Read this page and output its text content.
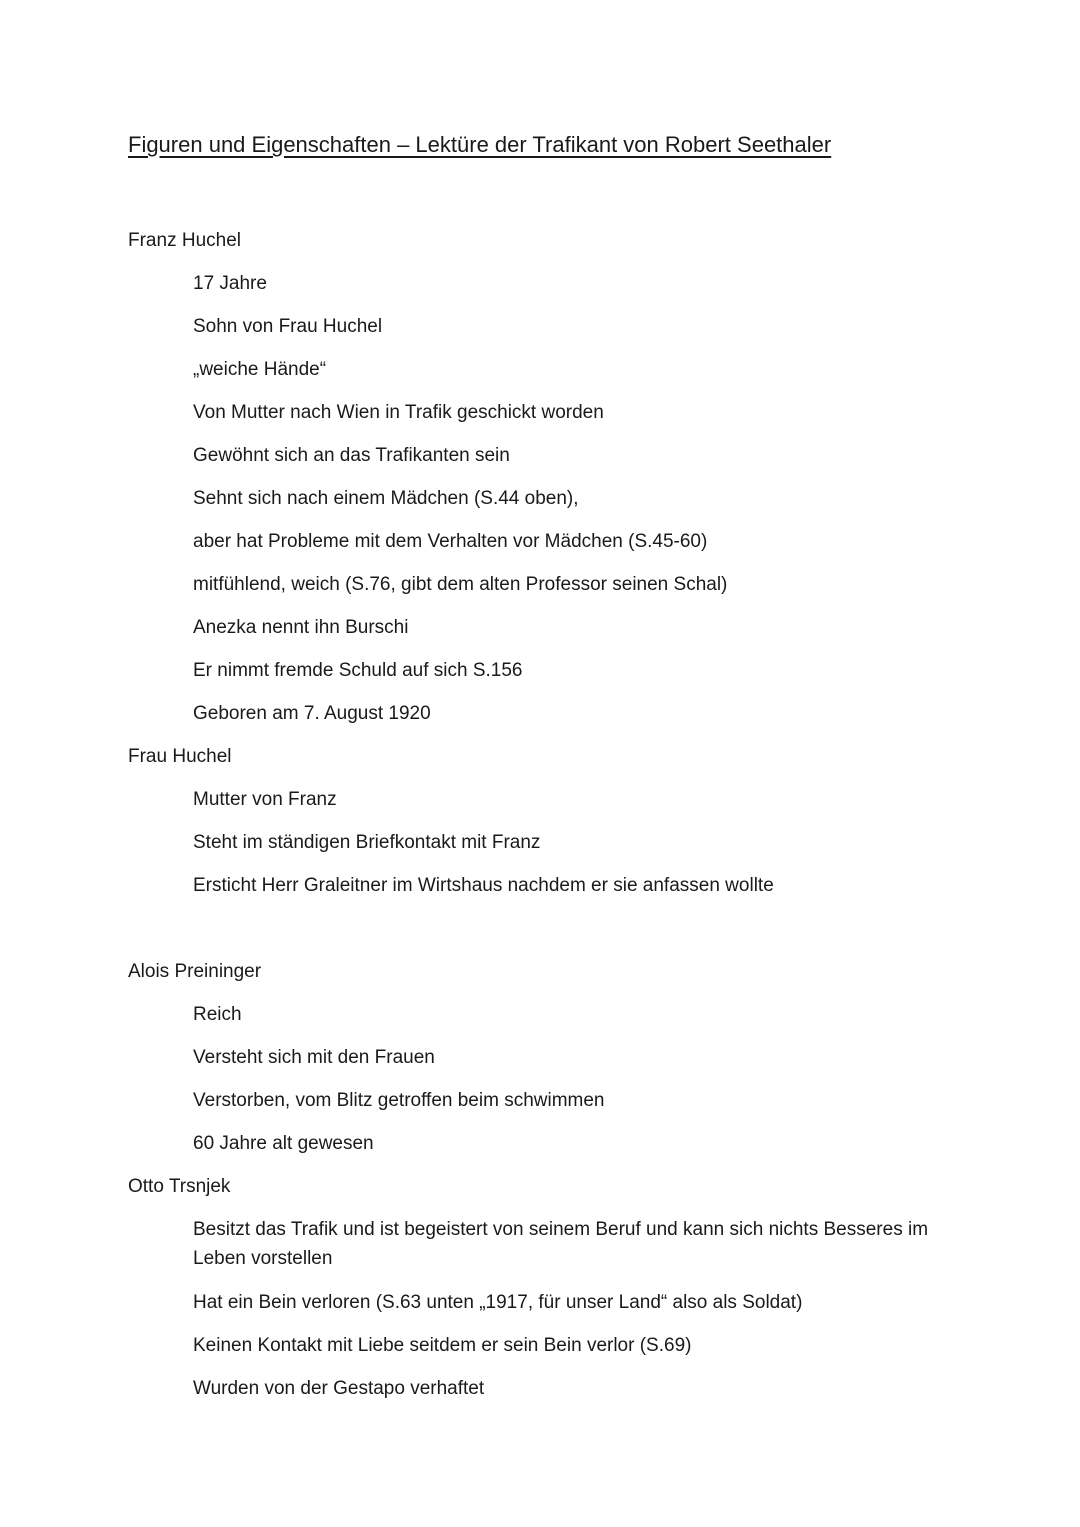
Figuren und Eigenschaften – Lektüre der Trafikant von Robert Seethaler
Franz Huchel
17 Jahre
Sohn von Frau Huchel
„weiche Hände“
Von Mutter nach Wien in Trafik geschickt worden
Gewöhnt sich an das Trafikanten sein
Sehnt sich nach einem Mädchen (S.44 oben),
aber hat Probleme mit dem Verhalten vor Mädchen (S.45-60)
mitfühlend, weich (S.76, gibt dem alten Professor seinen Schal)
Anezka nennt ihn Burschi
Er nimmt fremde Schuld auf sich S.156
Geboren am 7. August 1920
Frau Huchel
Mutter von Franz
Steht im ständigen Briefkontakt mit Franz
Ersticht Herr Graleitner im Wirtshaus nachdem er sie anfassen wollte
Alois Preininger
Reich
Versteht sich mit den Frauen
Verstorben, vom Blitz getroffen beim schwimmen
60 Jahre alt gewesen
Otto Trsnjek
Besitzt das Trafik und ist begeistert von seinem Beruf und kann sich nichts Besseres im Leben vorstellen
Hat ein Bein verloren (S.63 unten „1917, für unser Land“ also als Soldat)
Keinen Kontakt mit Liebe seitdem er sein Bein verlor (S.69)
Wurden von der Gestapo verhaftet
